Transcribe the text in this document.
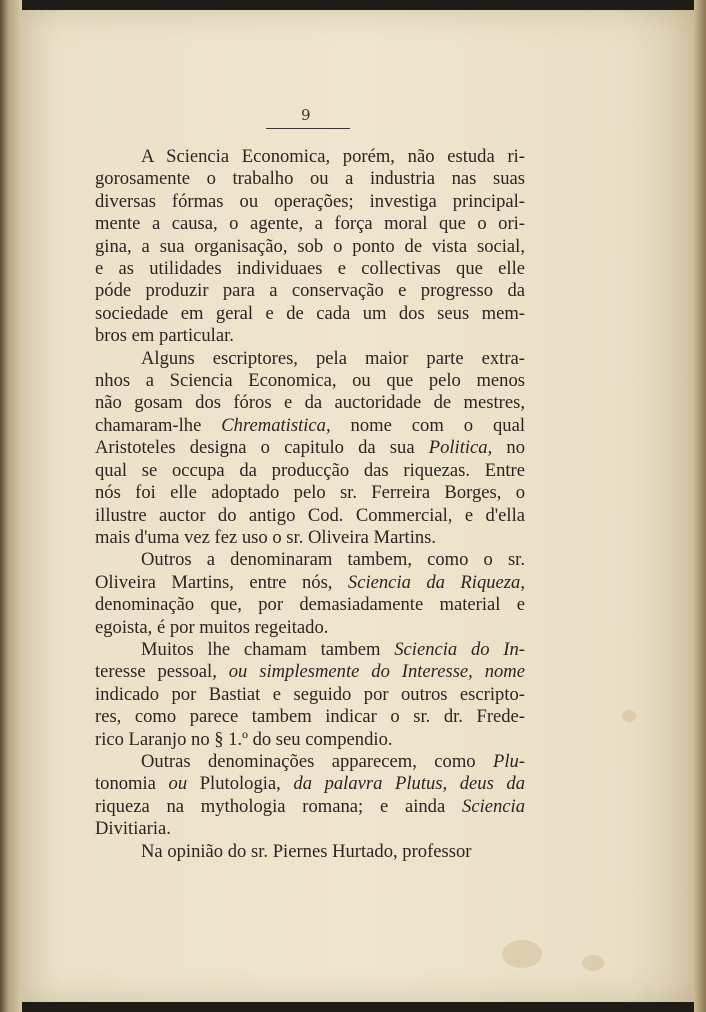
9
A Sciencia Economica, porém, não estuda ri-
gorosamente o trabalho ou a industria nas suas
diversas fórmas ou operações; investiga principal-
mente a causa, o agente, a força moral que o ori-
gina, a sua organisação, sob o ponto de vista social,
e as utilidades individuaes e collectivas que elle
póde produzir para a conservação e progresso da
sociedade em geral e de cada um dos seus mem-
bros em particular.
Alguns escriptores, pela maior parte extra-
nhos a Sciencia Economica, ou que pelo menos
não gosam dos fóros e da auctoridade de mestres,
chamaram-lhe Chrematistica, nome com o qual
Aristoteles designa o capitulo da sua Politica, no
qual se occupa da producção das riquezas. Entre
nós foi elle adoptado pelo sr. Ferreira Borges, o
illustre auctor do antigo Cod. Commercial, e d'ella
mais d'uma vez fez uso o sr. Oliveira Martins.
Outros a denominaram tambem, como o sr.
Oliveira Martins, entre nós, Sciencia da Riqueza,
denominação que, por demasiadamente material e
egoista, é por muitos regeitado.
Muitos lhe chamam tambem Sciencia do In-
teresse pessoal, ou simplesmente do Interesse, nome
indicado por Bastiat e seguido por outros escripto-
res, como parece tambem indicar o sr. dr. Frede-
rico Laranjo no § 1.º do seu compendio.
Outras denominações apparecem, como Plu-
tonomia ou Plutologia, da palavra Plutus, deus da
riqueza na mythologia romana; e ainda Sciencia
Divitiaria.
Na opinião do sr. Piernes Hurtado, professor
